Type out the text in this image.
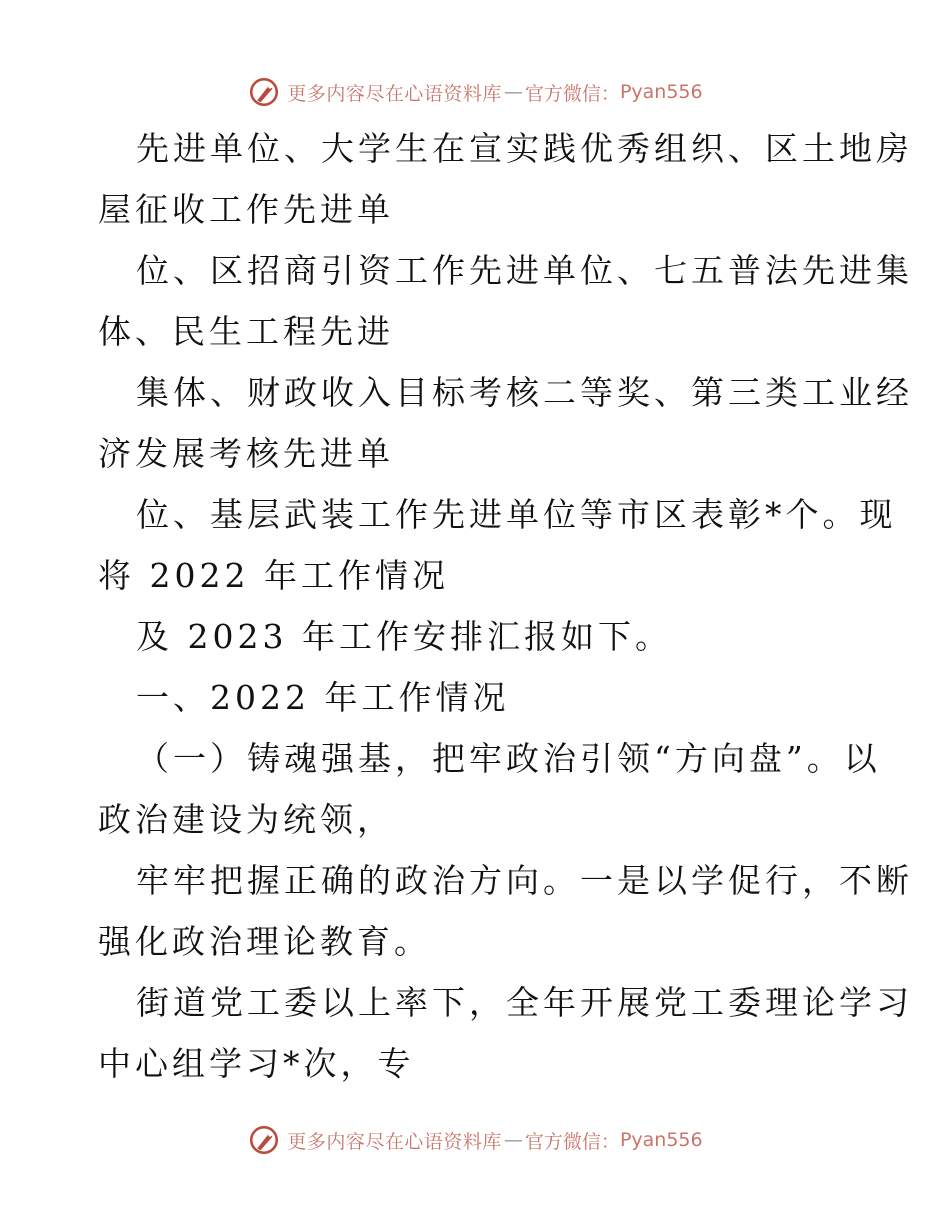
更多内容尽在心语资料库 — 官方微信： Pyan556
先进单位、大学生在宣实践优秀组织、区土地房
屋征收工作先进单
位、区招商引资工作先进单位、七五普法先进集
体、民生工程先进
集体、财政收入目标考核二等奖、第三类工业经
济发展考核先进单
位、基层武装工作先进单位等市区表彰*个。现
将 2022 年工作情况
及 2023 年工作安排汇报如下。
一、2022 年工作情况
（一）铸魂强基，把牢政治引领“方向盘”。以
政治建设为统领，
牢牢把握正确的政治方向。一是以学促行，不断
强化政治理论教育。
街道党工委以上率下，全年开展党工委理论学习
中心组学习*次，专
更多内容尽在心语资料库 — 官方微信： Pyan556
